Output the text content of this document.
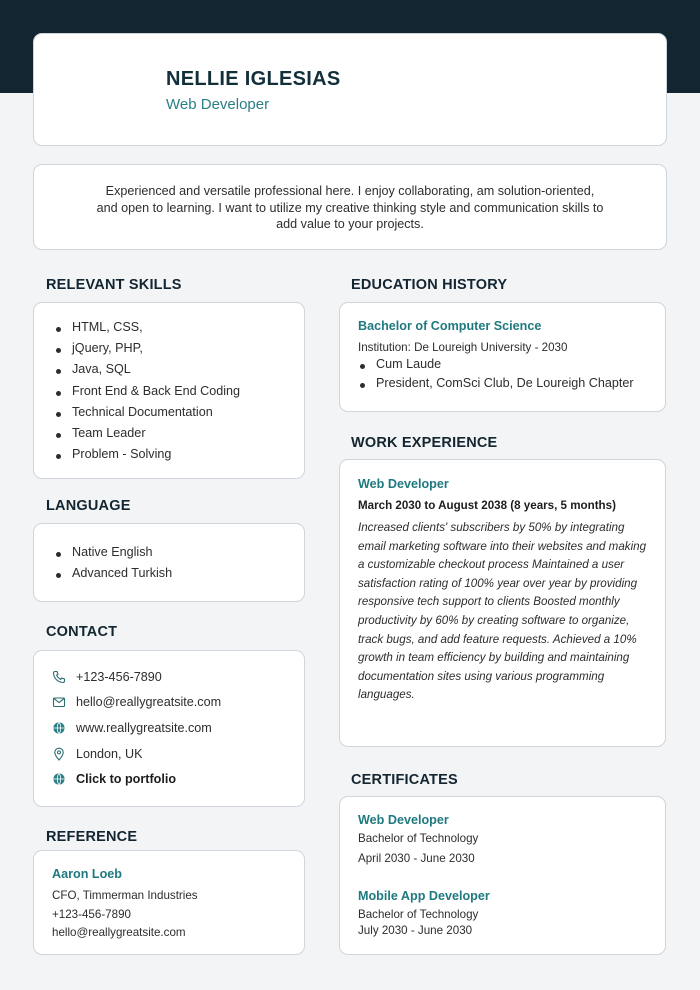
NELLIE IGLESIAS
Web Developer
Experienced and versatile professional here. I enjoy collaborating, am solution-oriented, and open to learning. I want to utilize my creative thinking style and communication skills to add value to your projects.
RELEVANT SKILLS
HTML, CSS,
jQuery, PHP,
Java, SQL
Front End & Back End Coding
Technical Documentation
Team Leader
Problem - Solving
LANGUAGE
Native English
Advanced Turkish
CONTACT
+123-456-7890
hello@reallygreatsite.com
www.reallygreatsite.com
London, UK
Click to portfolio
REFERENCE
Aaron Loeb
CFO, Timmerman Industries
+123-456-7890
hello@reallygreatsite.com
EDUCATION HISTORY
Bachelor of Computer Science
Institution: De Loureigh University - 2030
Cum Laude
President, ComSci Club, De Loureigh Chapter
WORK EXPERIENCE
Web Developer
March 2030 to August 2038 (8 years, 5 months)
Increased clients' subscribers by 50% by integrating email marketing software into their websites and making a customizable checkout process Maintained a user satisfaction rating of 100% year over year by providing responsive tech support to clients Boosted monthly productivity by 60% by creating software to organize, track bugs, and add feature requests. Achieved a 10% growth in team efficiency by building and maintaining documentation sites using various programming languages.
CERTIFICATES
Web Developer
Bachelor of Technology
April 2030 - June 2030
Mobile App Developer
Bachelor of Technology
July 2030 - June 2030
